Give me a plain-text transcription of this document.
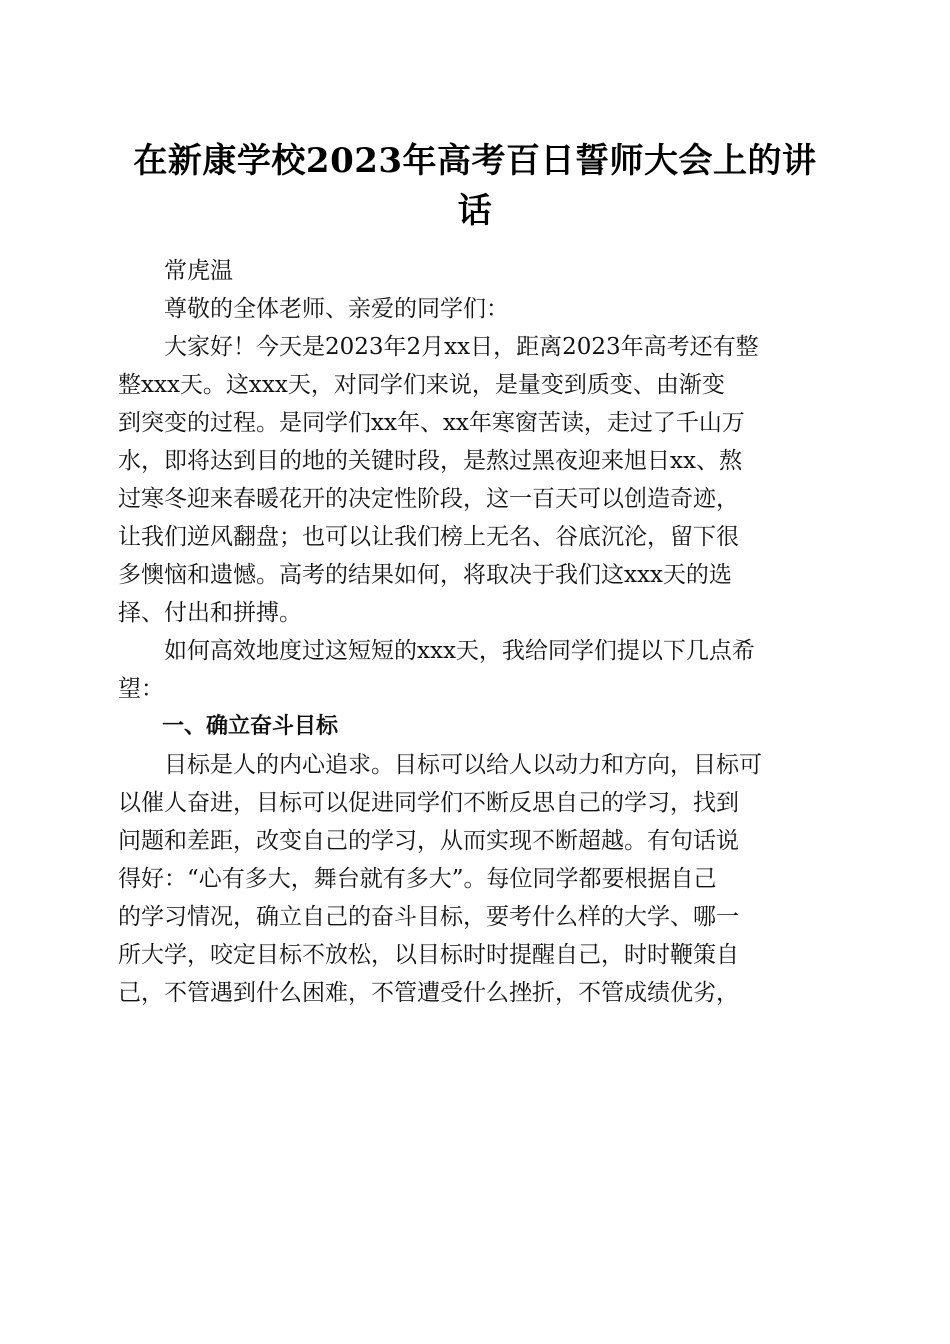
在新康学校2023年高考百日誓师大会上的讲话

　　常虎温

　　尊敬的全体老师、亲爱的同学们：

　　大家好！今天是2023年2月xx日，距离2023年高考还有整

整xxx天。这xxx天，对同学们来说，是量变到质变、由渐变

到突变的过程。是同学们xx年、xx年寒窗苦读，走过了千山万

水，即将达到目的地的关键时段，是熬过黑夜迎来旭日xx、熬

过寒冬迎来春暖花开的决定性阶段，这一百天可以创造奇迹，

让我们逆风翻盘；也可以让我们榜上无名、谷底沉沦，留下很

多懊恼和遗憾。高考的结果如何，将取决于我们这xxx天的选

择、付出和拼搏。

　　如何高效地度过这短短的xxx天，我给同学们提以下几点希

望：

　　一、确立奋斗目标

　　目标是人的内心追求。目标可以给人以动力和方向，目标可

以催人奋进，目标可以促进同学们不断反思自己的学习，找到

问题和差距，改变自己的学习，从而实现不断超越。有句话说

得好：“心有多大，舞台就有多大”。每位同学都要根据自己

的学习情况，确立自己的奋斗目标，要考什么样的大学、哪一

所大学，咬定目标不放松，以目标时时提醒自己，时时鞭策自

己，不管遇到什么困难，不管遭受什么挫折，不管成绩优劣，
